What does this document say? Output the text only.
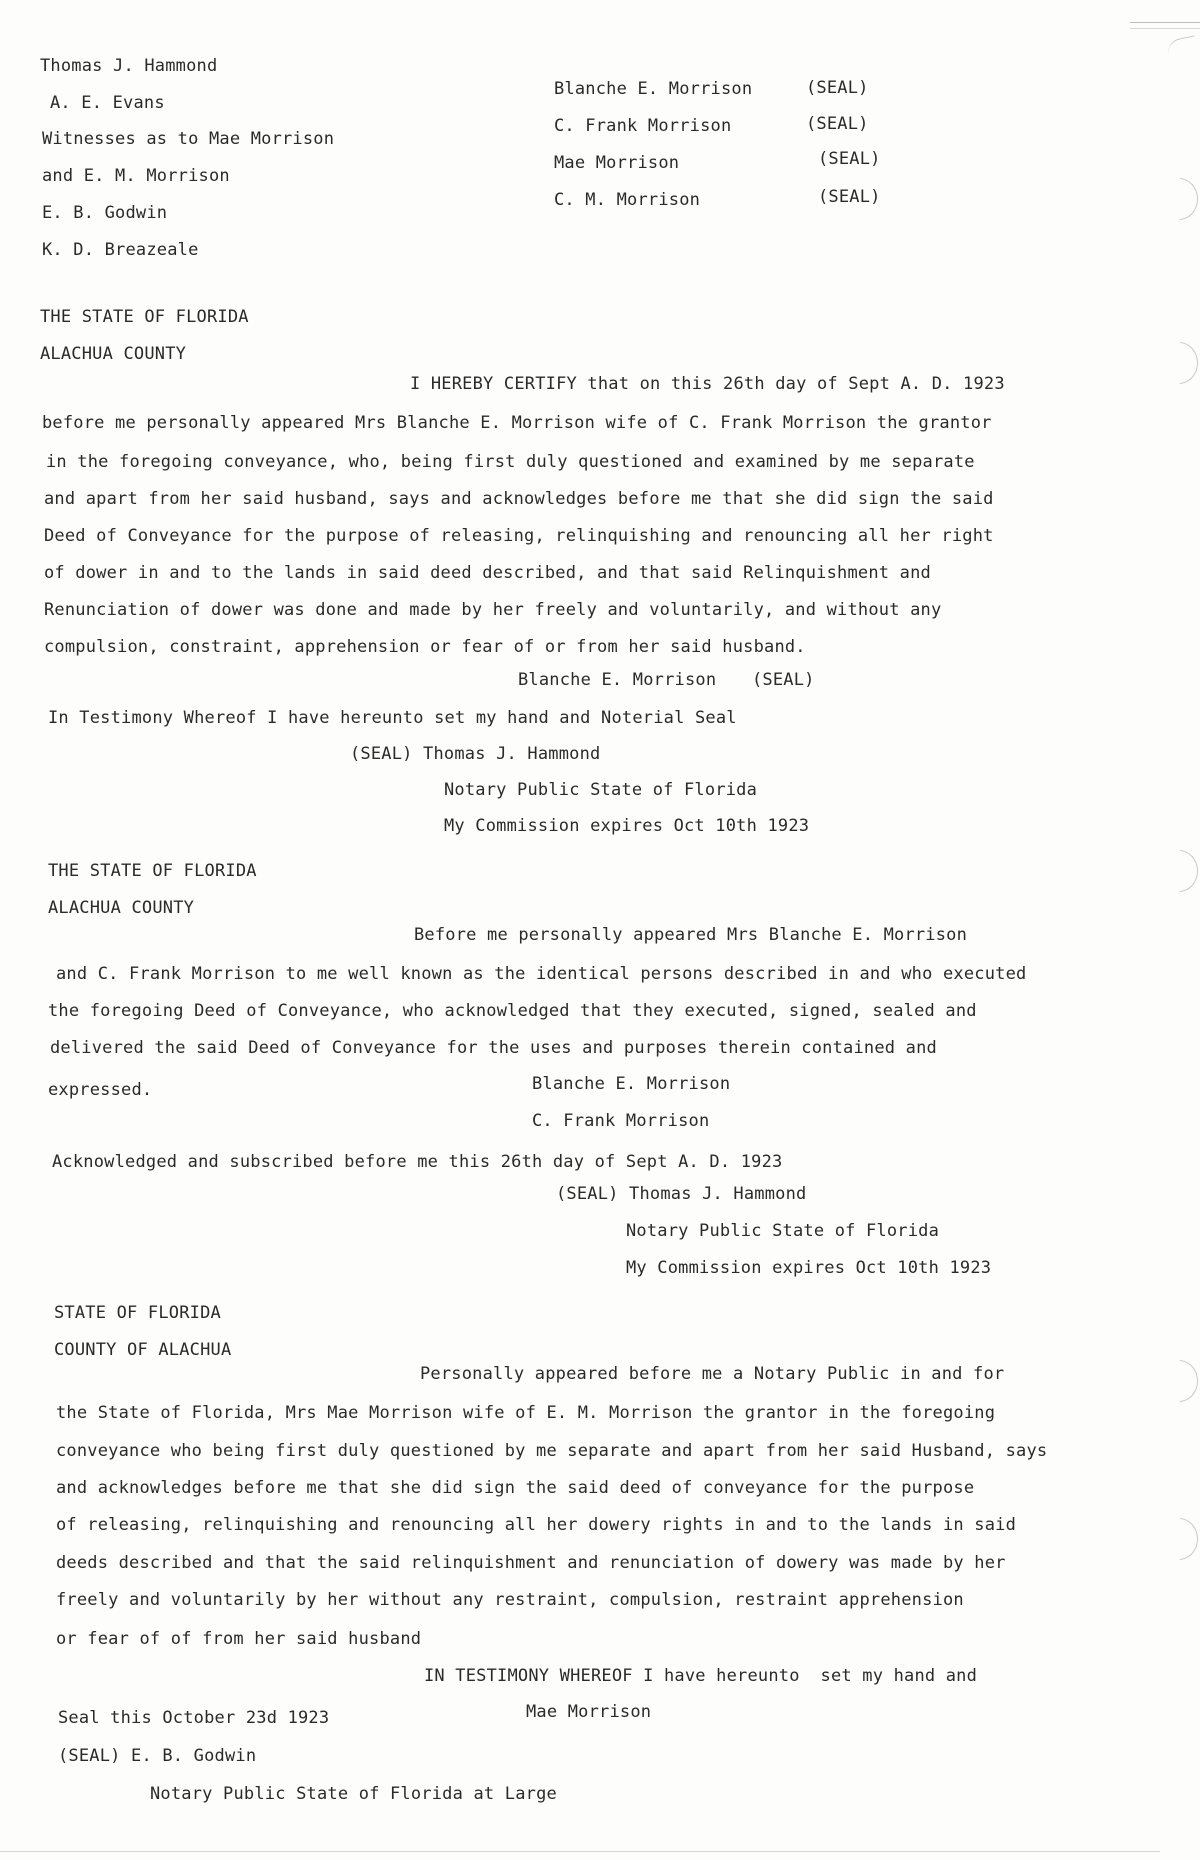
Thomas J. Hammond
A. E. Evans
Witnesses as to Mae Morrison
and E. M. Morrison
E. B. Godwin
K. D. Breazeale
Blanche E. Morrison	(SEAL)
C. Frank Morrison	(SEAL)
Mae Morrison	(SEAL)
C. M. Morrison	(SEAL)
THE STATE OF FLORIDA
ALACHUA COUNTY
I HEREBY CERTIFY that on this 26th day of Sept A. D. 1923
before me personally appeared Mrs Blanche E. Morrison wife of C. Frank Morrison the grantor
in the foregoing conveyance, who, being first duly questioned and examined by me separate
and apart from her said husband, says and acknowledges before me that she did sign the said
Deed of Conveyance for the purpose of releasing, relinquishing and renouncing all her right
of dower in and to the lands in said deed described, and that said Relinquishment and
Renunciation of dower was done and made by her freely and voluntarily, and without any
compulsion, constraint, apprehension or fear of or from her said husband.
Blanche E. Morrison (SEAL)
In Testimony Whereof I have hereunto set my hand and Noterial Seal
(SEAL) Thomas J. Hammond
Notary Public State of Florida
My Commission expires Oct 10th 1923
THE STATE OF FLORIDA
ALACHUA COUNTY
Before me personally appeared Mrs Blanche E. Morrison
and C. Frank Morrison to me well known as the identical persons described in and who executed
the foregoing Deed of Conveyance, who acknowledged that they executed, signed, sealed and
delivered the said Deed of Conveyance for the uses and purposes therein contained and
expressed.	Blanche E. Morrison
C. Frank Morrison
Acknowledged and subscribed before me this 26th day of Sept A. D. 1923
(SEAL) Thomas J. Hammond
Notary Public State of Florida
My Commission expires Oct 10th 1923
STATE OF FLORIDA
COUNTY OF ALACHUA
Personally appeared before me a Notary Public in and for
the State of Florida, Mrs Mae Morrison wife of E. M. Morrison the grantor in the foregoing
conveyance who being first duly questioned by me separate and apart from her said Husband, says
and acknowledges before me that she did sign the said deed of conveyance for the purpose
of releasing, relinquishing and renouncing all her dowery rights in and to the lands in said
deeds described and that the said relinquishment and renunciation of dowery was made by her
freely and voluntarily by her without any restraint, compulsion, restraint apprehension
or fear of of from her said husband
IN TESTIMONY WHEREOF I have hereunto  set my hand and
Seal this October 23d 1923	Mae Morrison
(SEAL) E. B. Godwin
Notary Public State of Florida at Large
